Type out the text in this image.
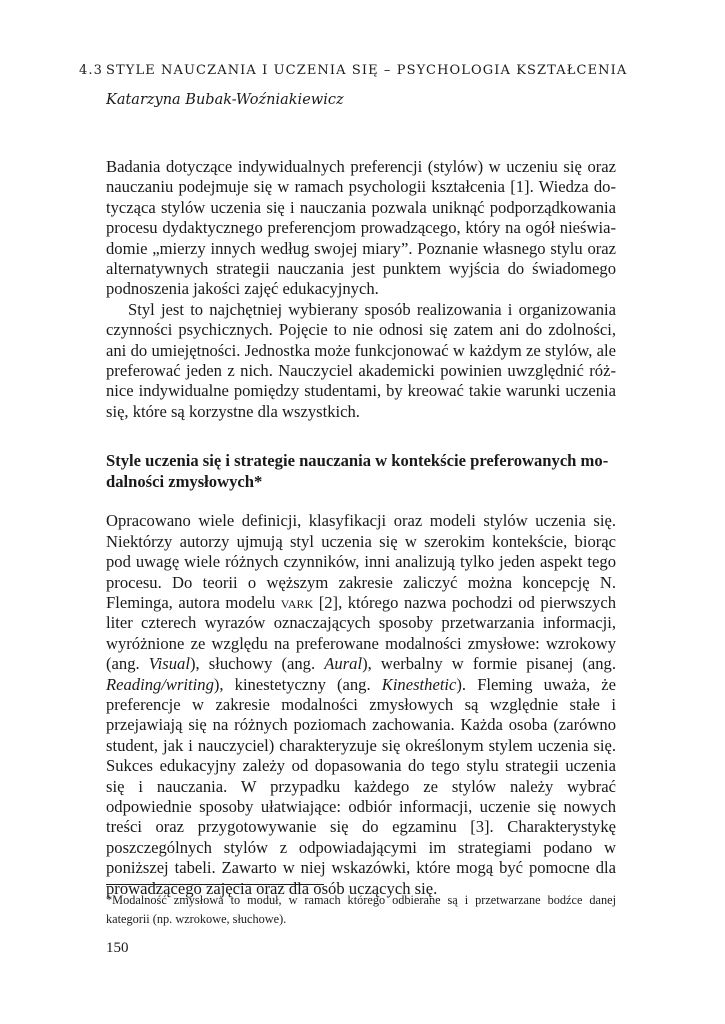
4.3 STYLE NAUCZANIA I UCZENIA SIĘ – PSYCHOLOGIA KSZTAŁCENIA
Katarzyna Bubak-Woźniakiewicz

Badania dotyczące indywidualnych preferencji (stylów) w uczeniu się oraz nauczaniu podejmuje się w ramach psychologii kształcenia [1]. Wiedza dotycząca stylów uczenia się i nauczania pozwala uniknąć podporządkowania procesu dydaktycznego preferencjom prowadzącego, który na ogół nieświadomie „mierzy innych według swojej miary”. Poznanie własnego stylu oraz alternatywnych strategii nauczania jest punktem wyjścia do świadomego podnoszenia jakości zajęć edukacyjnych.

Styl jest to najchętniej wybierany sposób realizowania i organizowania czynności psychicznych. Pojęcie to nie odnosi się zatem ani do zdolności, ani do umiejętności. Jednostka może funkcjonować w każdym ze stylów, ale preferować jeden z nich. Nauczyciel akademicki powinien uwzględnić różnice indywidualne pomiędzy studentami, by kreować takie warunki uczenia się, które są korzystne dla wszystkich.

Style uczenia się i strategie nauczania w kontekście preferowanych modalności zmysłowych*

Opracowano wiele definicji, klasyfikacji oraz modeli stylów uczenia się. Niektórzy autorzy ujmują styl uczenia się w szerokim kontekście, biorąc pod uwagę wiele różnych czynników, inni analizują tylko jeden aspekt tego procesu. Do teorii o węższym zakresie zaliczyć można koncepcję N. Fleminga, autora modelu vark [2], którego nazwa pochodzi od pierwszych liter czterech wyrazów oznaczających sposoby przetwarzania informacji, wyróżnione ze względu na preferowane modalności zmysłowe: wzrokowy (ang. Visual), słuchowy (ang. Aural), werbalny w formie pisanej (ang. Reading/writing), kinestetyczny (ang. Kinesthetic). Fleming uważa, że preferencje w zakresie modalności zmysłowych są względnie stałe i przejawiają się na różnych poziomach zachowania. Każda osoba (zarówno student, jak i nauczyciel) charakteryzuje się określonym stylem uczenia się. Sukces edukacyjny zależy od dopasowania do tego stylu strategii uczenia się i nauczania. W przypadku każdego ze stylów należy wybrać odpowiednie sposoby ułatwiające: odbiór informacji, uczenie się nowych treści oraz przygotowywanie się do egzaminu [3]. Charakterystykę poszczególnych stylów z odpowiadającymi im strategiami podano w poniższej tabeli. Zawarto w niej wskazówki, które mogą być pomocne dla prowadzącego zajęcia oraz dla osób uczących się.

*Modalność zmysłowa to moduł, w ramach którego odbierane są i przetwarzane bodźce danej kategorii (np. wzrokowe, słuchowe).
150
